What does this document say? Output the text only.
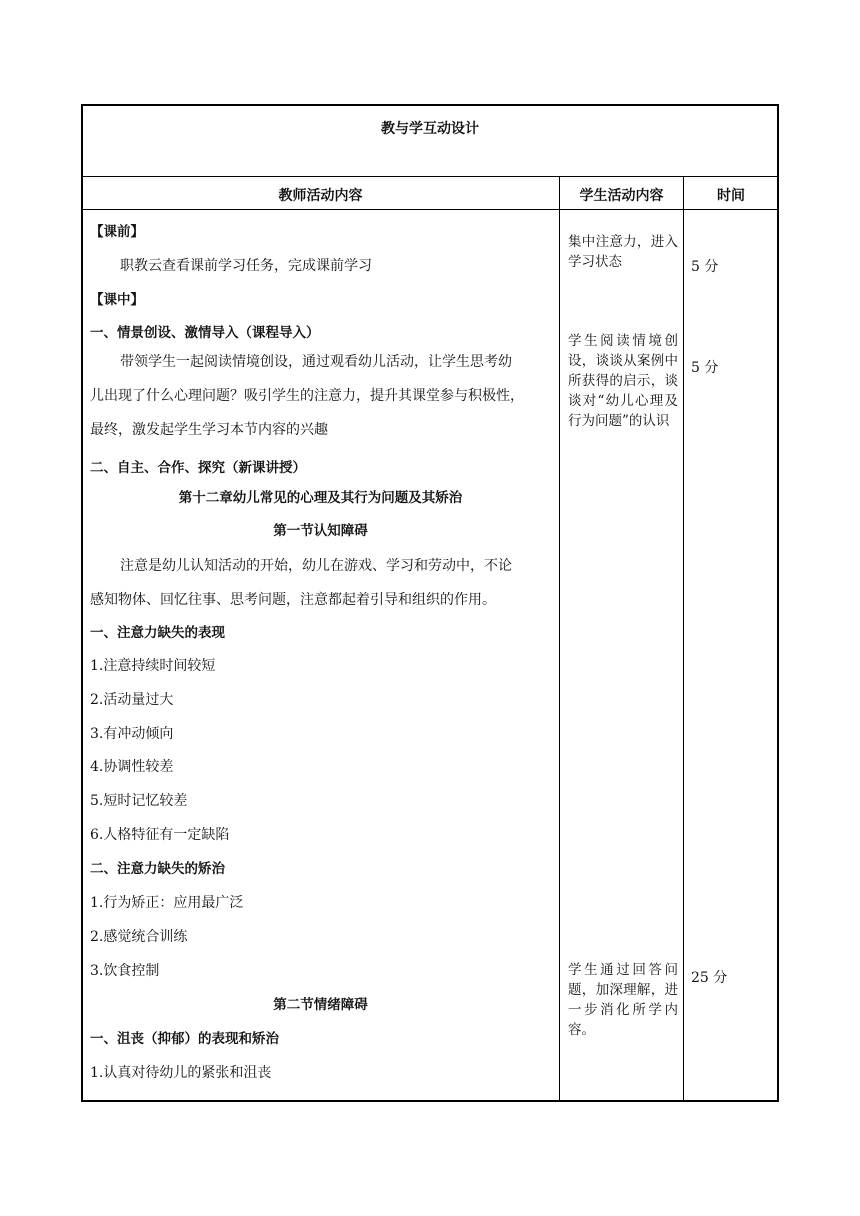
教与学互动设计
教师活动内容	学生活动内容	时间
【课前】
职教云查看课前学习任务，完成课前学习
【课中】
一、情景创设、激情导入（课程导入）
带领学生一起阅读情境创设，通过观看幼儿活动，让学生思考幼
儿出现了什么心理问题？吸引学生的注意力，提升其课堂参与积极性，
最终，激发起学生学习本节内容的兴趣
二、自主、合作、探究（新课讲授）
第十二章幼儿常见的心理及其行为问题及其矫治
第一节认知障碍
注意是幼儿认知活动的开始，幼儿在游戏、学习和劳动中，不论
感知物体、回忆往事、思考问题，注意都起着引导和组织的作用。
一、注意力缺失的表现
1.注意持续时间较短
2.活动量过大
3.有冲动倾向
4.协调性较差
5.短时记忆较差
6.人格特征有一定缺陷
二、注意力缺失的矫治
1.行为矫正：应用最广泛
2.感觉统合训练
3.饮食控制
第二节情绪障碍
一、沮丧（抑郁）的表现和矫治
1.认真对待幼儿的紧张和沮丧
集中注意力，进入学习状态
学生阅读情境创设，谈谈从案例中所获得的启示，谈谈对“幼儿心理及行为问题”的认识
学生通过回答问题，加深理解，进一步消化所学内容。
5 分
5 分
25 分
